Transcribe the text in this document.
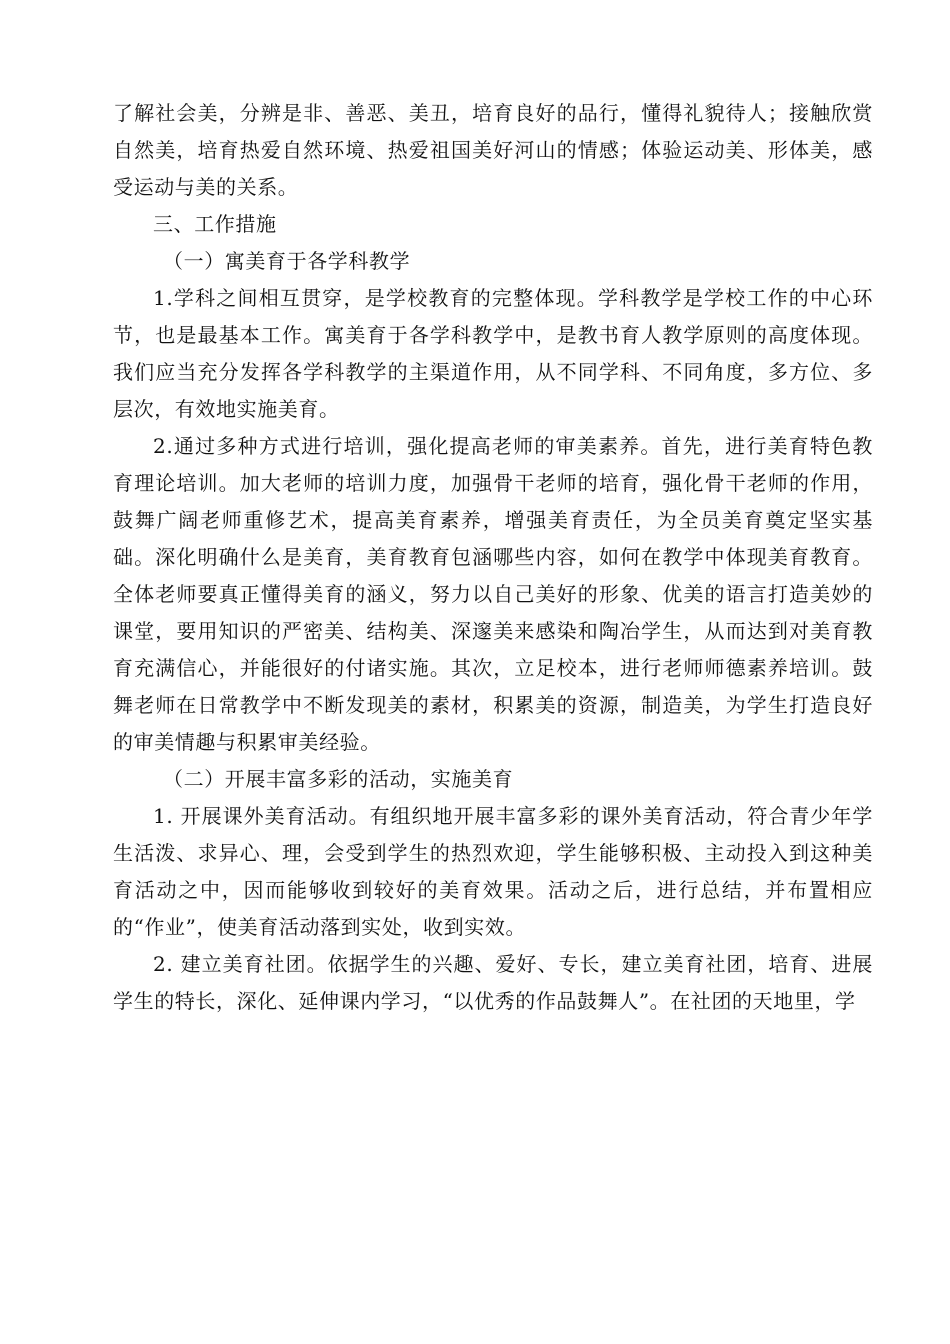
了解社会美，分辨是非、善恶、美丑，培育良好的品行，懂得礼貌待人；接触欣赏自然美，培育热爱自然环境、热爱祖国美好河山的情感；体验运动美、形体美，感受运动与美的关系。

三、工作措施

（一）寓美育于各学科教学

1.学科之间相互贯穿，是学校教育的完整体现。学科教学是学校工作的中心环节，也是最基本工作。寓美育于各学科教学中，是教书育人教学原则的高度体现。我们应当充分发挥各学科教学的主渠道作用，从不同学科、不同角度，多方位、多层次，有效地实施美育。

2.通过多种方式进行培训，强化提高老师的审美素养。首先，进行美育特色教育理论培训。加大老师的培训力度，加强骨干老师的培育，强化骨干老师的作用，鼓舞广阔老师重修艺术，提高美育素养，增强美育责任，为全员美育奠定坚实基础。深化明确什么是美育，美育教育包涵哪些内容，如何在教学中体现美育教育。全体老师要真正懂得美育的涵义，努力以自己美好的形象、优美的语言打造美妙的课堂，要用知识的严密美、结构美、深邃美来感染和陶冶学生，从而达到对美育教育充满信心，并能很好的付诸实施。其次，立足校本，进行老师师德素养培训。鼓舞老师在日常教学中不断发现美的素材，积累美的资源，制造美，为学生打造良好的审美情趣与积累审美经验。

（二）开展丰富多彩的活动，实施美育

1. 开展课外美育活动。有组织地开展丰富多彩的课外美育活动，符合青少年学生活泼、求异心、理，会受到学生的热烈欢迎，学生能够积极、主动投入到这种美育活动之中，因而能够收到较好的美育效果。活动之后，进行总结，并布置相应的“作业”，使美育活动落到实处，收到实效。

2. 建立美育社团。依据学生的兴趣、爱好、专长，建立美育社团，培育、进展学生的特长，深化、延伸课内学习，“以优秀的作品鼓舞人”。在社团的天地里，学
